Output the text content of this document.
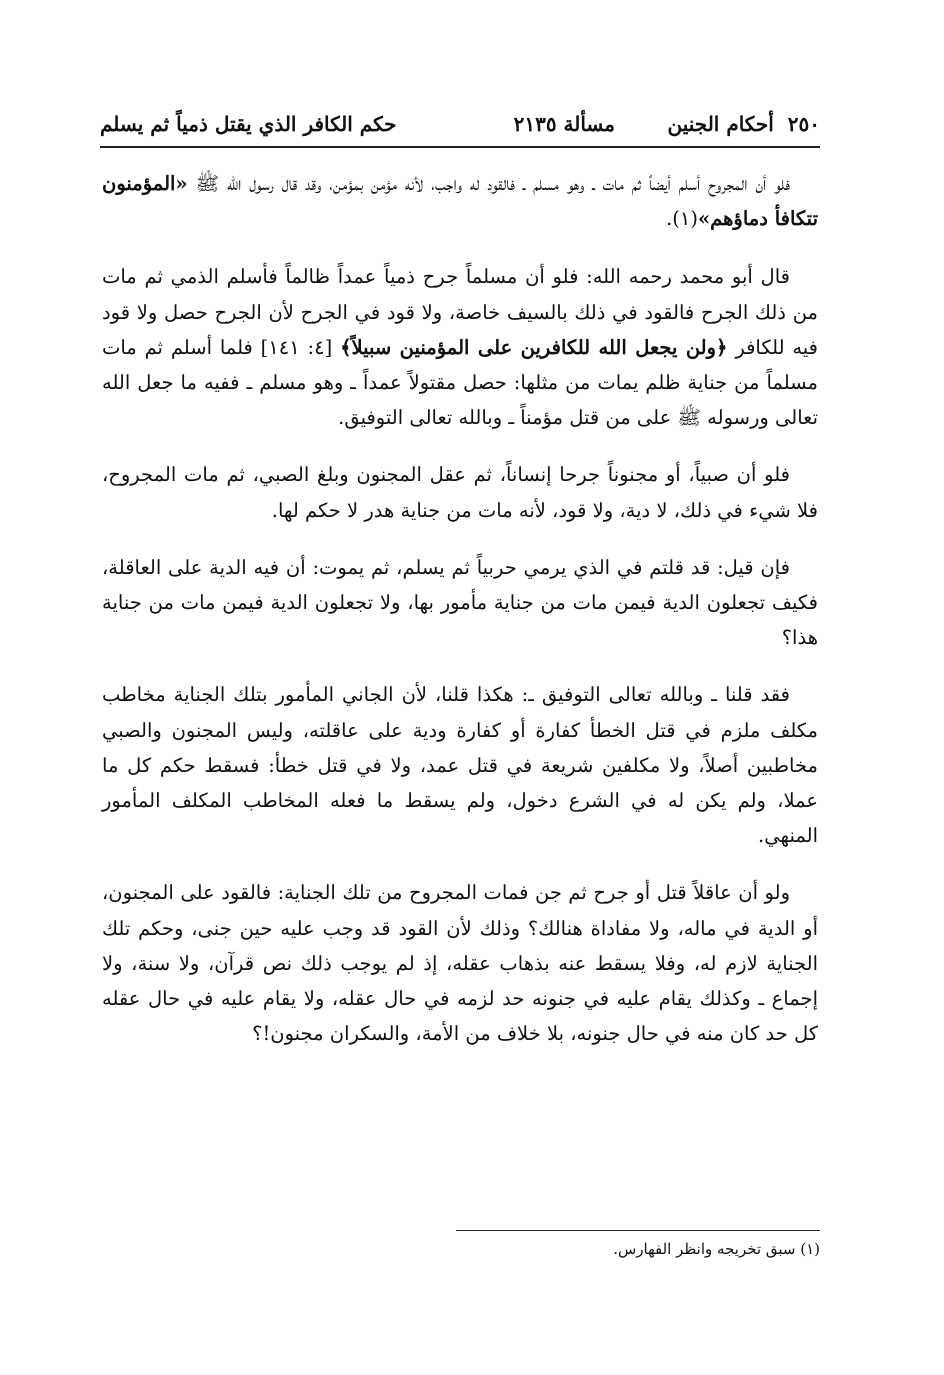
٢٥٠أحكام الجنين
مسألة ٢١٣٥
حكم الكافر الذي يقتل ذمياً ثم يسلم

فلو أن المجروح أسلم أيضاً ثم مات ـ وهو مسلم ـ فالقود له واجب، لأنه مؤمن بمؤمن، وقد قال رسول الله ﷺ «المؤمنون تتكافأ دماؤهم»(١).

قال أبو محمد رحمه الله: فلو أن مسلماً جرح ذمياً عمداً ظالماً فأسلم الذمي ثم مات من ذلك الجرح فالقود في ذلك بالسيف خاصة، ولا قود في الجرح لأن الجرح حصل ولا قود فيه للكافر ﴿ولن يجعل الله للكافرين على المؤمنين سبيلاً﴾ [٤: ١٤١] فلما أسلم ثم مات مسلماً من جناية ظلم يمات من مثلها: حصل مقتولاً عمداً ـ وهو مسلم ـ ففيه ما جعل الله تعالى ورسوله ﷺ على من قتل مؤمناً ـ وبالله تعالى التوفيق.

فلو أن صبياً، أو مجنوناً جرحا إنساناً، ثم عقل المجنون وبلغ الصبي، ثم مات المجروح، فلا شيء في ذلك، لا دية، ولا قود، لأنه مات من جناية هدر لا حكم لها.

فإن قيل: قد قلتم في الذي يرمي حربياً ثم يسلم، ثم يموت: أن فيه الدية على العاقلة، فكيف تجعلون الدية فيمن مات من جناية مأمور بها، ولا تجعلون الدية فيمن مات من جناية هذا؟

فقد قلنا ـ وبالله تعالى التوفيق ـ: هكذا قلنا، لأن الجاني المأمور بتلك الجناية مخاطب مكلف ملزم في قتل الخطأ كفارة أو كفارة ودية على عاقلته، وليس المجنون والصبي مخاطبين أصلاً، ولا مكلفين شريعة في قتل عمد، ولا في قتل خطأ: فسقط حكم كل ما عملا، ولم يكن له في الشرع دخول، ولم يسقط ما فعله المخاطب المكلف المأمور المنهي.

ولو أن عاقلاً قتل أو جرح ثم جن فمات المجروح من تلك الجناية: فالقود على المجنون، أو الدية في ماله، ولا مفاداة هنالك؟ وذلك لأن القود قد وجب عليه حين جنى، وحكم تلك الجناية لازم له، وفلا يسقط عنه بذهاب عقله، إذ لم يوجب ذلك نص قرآن، ولا سنة، ولا إجماع ـ وكذلك يقام عليه في جنونه حد لزمه في حال عقله، ولا يقام عليه في حال عقله كل حد كان منه في حال جنونه، بلا خلاف من الأمة، والسكران مجنون!؟

(١) سبق تخريجه وانظر الفهارس.
